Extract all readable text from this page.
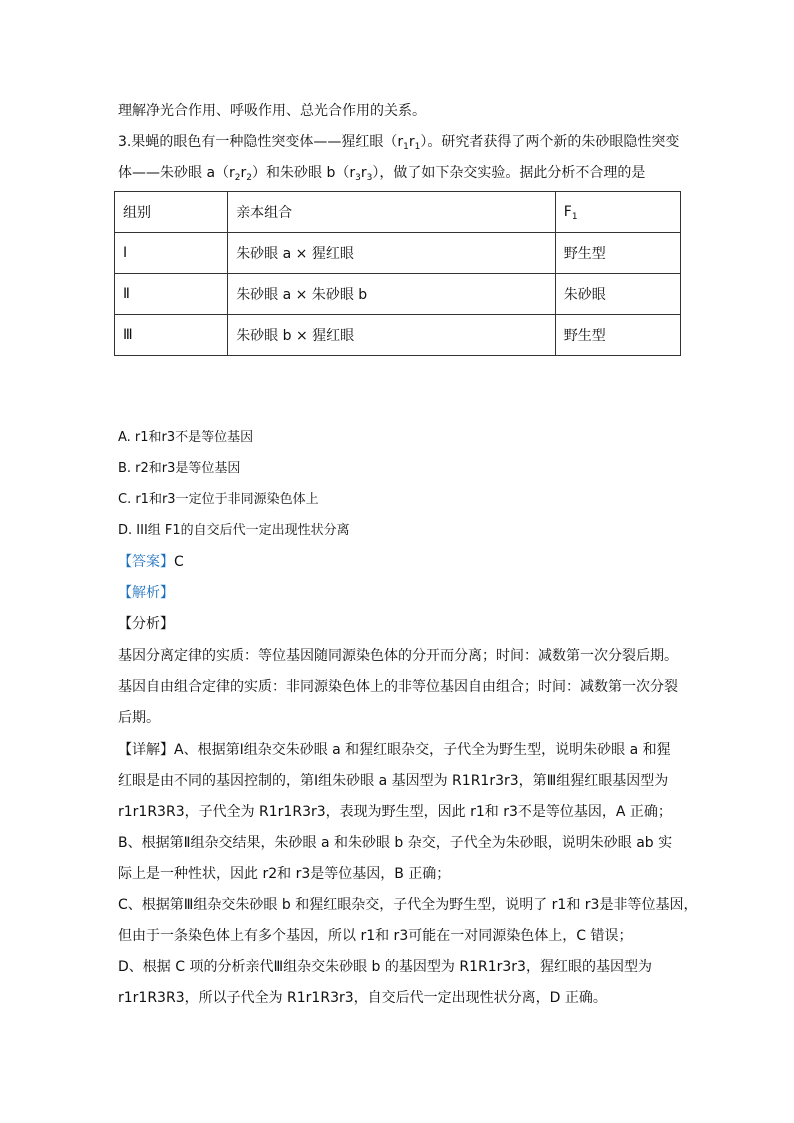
理解净光合作用、呼吸作用、总光合作用的关系。
3.果蝇的眼色有一种隐性突变体——猩红眼$(r_1r_1)$。研究者获得了两个新的朱砂眼隐性突变
体——朱砂眼 $a(r_2r_2)$和朱砂眼 $b(r_3r_3)$，做了如下杂交实验。据此分析不合理的是
组别	亲本组合	$F_1$
Ⅰ	朱砂眼 a × 猩红眼	野生型
Ⅱ	朱砂眼 a × 朱砂眼 b	朱砂眼
Ⅲ	朱砂眼 b × 猩红眼	野生型
A. r1和r3不是等位基因
B. r2和r3是等位基因
C. r1和r3一定位于非同源染色体上
D. III组 F1的自交后代一定出现性状分离
【答案】C
【解析】
【分析】
基因分离定律的实质：等位基因随同源染色体的分开而分离；时间：减数第一次分裂后期。
基因自由组合定律的实质：非同源染色体上的非等位基因自由组合；时间：减数第一次分裂
后期。
【详解】A、根据第Ⅰ组杂交朱砂眼 a 和猩红眼杂交，子代全为野生型，说明朱砂眼 a 和猩
红眼是由不同的基因控制的，第Ⅰ组朱砂眼 a 基因型为 R1R1r3r3，第Ⅲ组猩红眼基因型为
r1r1R3R3，子代全为 R1r1R3r3，表现为野生型，因此 r1和 r3不是等位基因，A 正确；
B、根据第Ⅱ组杂交结果，朱砂眼 a 和朱砂眼 b 杂交，子代全为朱砂眼，说明朱砂眼 ab 实
际上是一种性状，因此 r2和 r3是等位基因，B 正确；
C、根据第Ⅲ组杂交朱砂眼 b 和猩红眼杂交，子代全为野生型，说明了 r1和 r3是非等位基因，
但由于一条染色体上有多个基因，所以 r1和 r3可能在一对同源染色体上，C 错误；
D、根据 C 项的分析亲代Ⅲ组杂交朱砂眼 b 的基因型为 R1R1r3r3，猩红眼的基因型为
r1r1R3R3，所以子代全为 R1r1R3r3，自交后代一定出现性状分离，D 正确。
